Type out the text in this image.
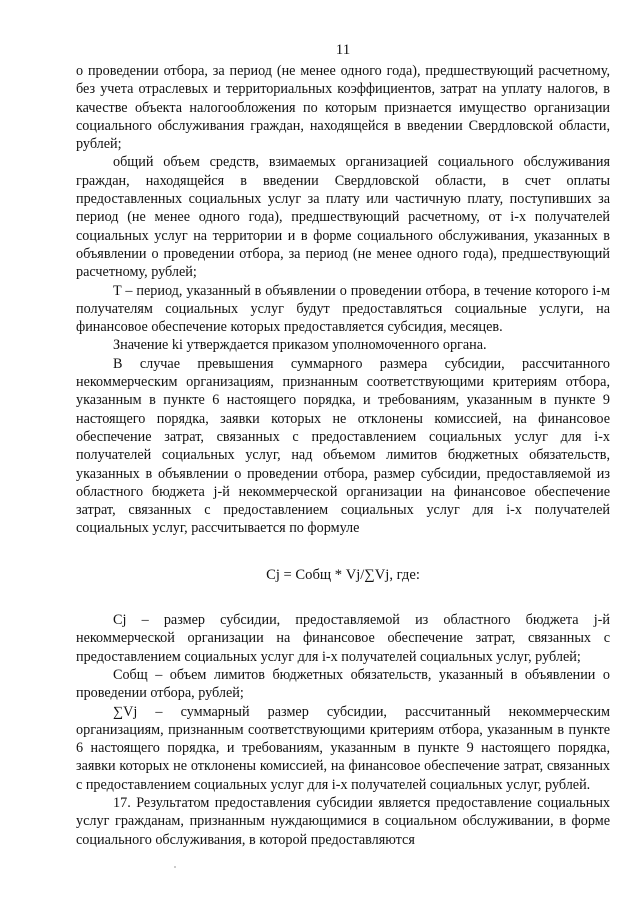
11

о проведении отбора, за период (не менее одного года), предшествующий расчетному, без учета отраслевых и территориальных коэффициентов, затрат на уплату налогов, в качестве объекта налогообложения по которым признается имущество организации социального обслуживания граждан, находящейся в введении Свердловской области, рублей;

общий объем средств, взимаемых организацией социального обслуживания граждан, находящейся в введении Свердловской области, в счет оплаты предоставленных социальных услуг за плату или частичную плату, поступивших за период (не менее одного года), предшествующий расчетному, от i-х получателей социальных услуг на территории и в форме социального обслуживания, указанных в объявлении о проведении отбора, за период (не менее одного года), предшествующий расчетному, рублей;

T – период, указанный в объявлении о проведении отбора, в течение которого i-м получателям социальных услуг будут предоставляться социальные услуги, на финансовое обеспечение которых предоставляется субсидия, месяцев.

Значение ki утверждается приказом уполномоченного органа.

В случае превышения суммарного размера субсидии, рассчитанного некоммерческим организациям, признанным соответствующими критериям отбора, указанным в пункте 6 настоящего порядка, и требованиям, указанным в пункте 9 настоящего порядка, заявки которых не отклонены комиссией, на финансовое обеспечение затрат, связанных с предоставлением социальных услуг для i-х получателей социальных услуг, над объемом лимитов бюджетных обязательств, указанных в объявлении о проведении отбора, размер субсидии, предоставляемой из областного бюджета j-й некоммерческой организации на финансовое обеспечение затрат, связанных с предоставлением социальных услуг для i-х получателей социальных услуг, рассчитывается по формуле

Cj = Cобщ * Vj/∑Vj, где:

Cj – размер субсидии, предоставляемой из областного бюджета j-й некоммерческой организации на финансовое обеспечение затрат, связанных с предоставлением социальных услуг для i-х получателей социальных услуг, рублей;

Cобщ – объем лимитов бюджетных обязательств, указанный в объявлении о проведении отбора, рублей;

∑Vj – суммарный размер субсидии, рассчитанный некоммерческим организациям, признанным соответствующими критериям отбора, указанным в пункте 6 настоящего порядка, и требованиям, указанным в пункте 9 настоящего порядка, заявки которых не отклонены комиссией, на финансовое обеспечение затрат, связанных с предоставлением социальных услуг для i-х получателей социальных услуг, рублей.

17. Результатом предоставления субсидии является предоставление социальных услуг гражданам, признанным нуждающимися в социальном обслуживании, в форме социального обслуживания, в которой предоставляются
